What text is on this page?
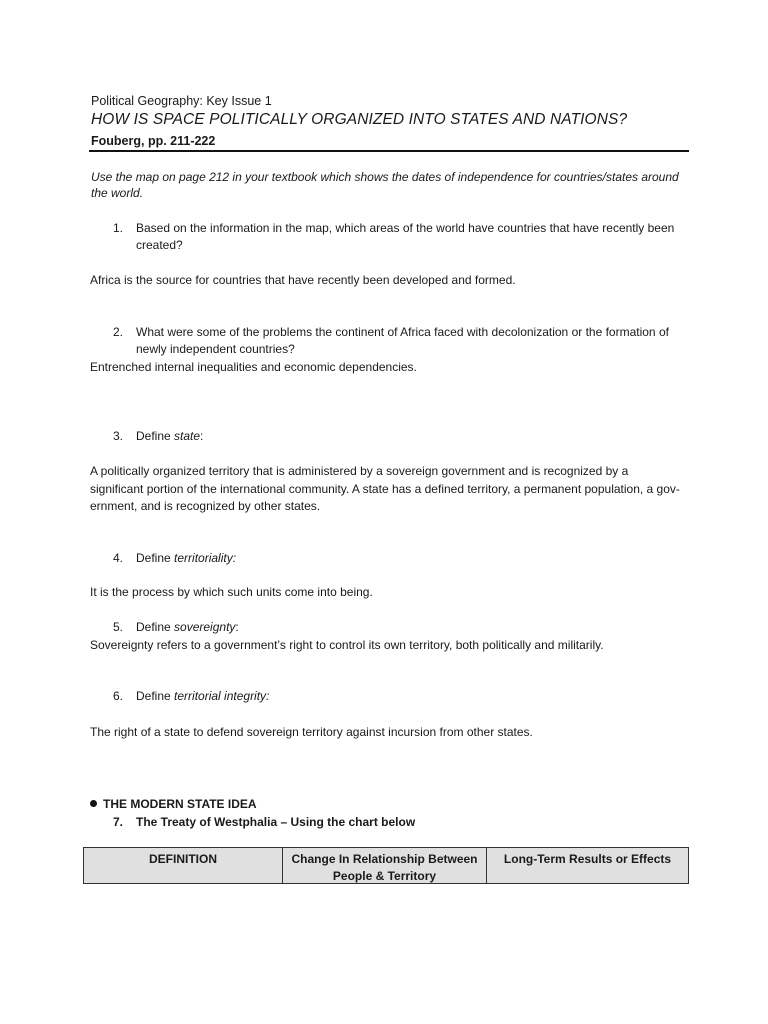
Political Geography: Key Issue 1
HOW IS SPACE POLITICALLY ORGANIZED INTO STATES AND NATIONS?
Fouberg, pp. 211-222
Use the map on page 212 in your textbook which shows the dates of independence for countries/states around the world.
1. Based on the information in the map, which areas of the world have countries that have recently been created?
Africa is the source for countries that have recently been developed and formed.
2. What were some of the problems the continent of Africa faced with decolonization or the formation of newly independent countries?
Entrenched internal inequalities and economic dependencies.
3. Define state:
A politically organized territory that is administered by a sovereign government and is recognized by a significant portion of the international community. A state has a defined territory, a permanent population, a gov- ernment, and is recognized by other states.
4. Define territoriality:
It is the process by which such units come into being.
5. Define sovereignty:
Sovereignty refers to a government’s right to control its own territory, both politically and militarily.
6. Define territorial integrity:
The right of a state to defend sovereign territory against incursion from other states.
THE MODERN STATE IDEA
7. The Treaty of Westphalia – Using the chart below
DEFINITION	Change In Relationship Between People & Territory
Long-Term Results or Effects
